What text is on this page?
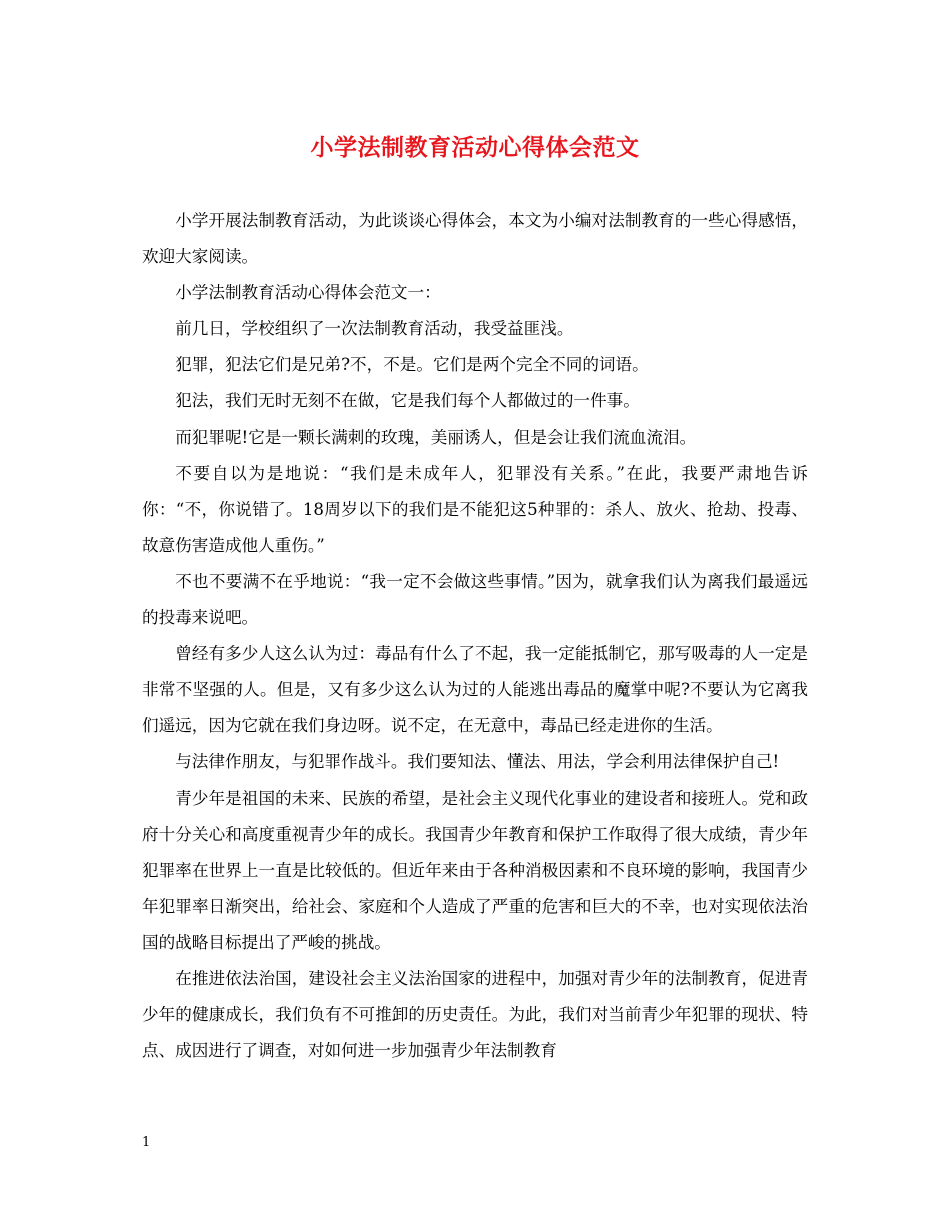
小学法制教育活动心得体会范文

小学开展法制教育活动，为此谈谈心得体会，本文为小编对法制教育的一些心得感悟，欢迎大家阅读。

小学法制教育活动心得体会范文一：

前几日，学校组织了一次法制教育活动，我受益匪浅。

犯罪，犯法它们是兄弟?不，不是。它们是两个完全不同的词语。

犯法，我们无时无刻不在做，它是我们每个人都做过的一件事。

而犯罪呢!它是一颗长满刺的玫瑰，美丽诱人，但是会让我们流血流泪。

不要自以为是地说：“我们是未成年人，犯罪没有关系。”在此，我要严肃地告诉你：“不，你说错了。18周岁以下的我们是不能犯这5种罪的：杀人、放火、抢劫、投毒、故意伤害造成他人重伤。”

不也不要满不在乎地说：“我一定不会做这些事情。”因为，就拿我们认为离我们最遥远的投毒来说吧。

曾经有多少人这么认为过：毒品有什么了不起，我一定能抵制它，那写吸毒的人一定是非常不坚强的人。但是，又有多少这么认为过的人能逃出毒品的魔掌中呢?不要认为它离我们遥远，因为它就在我们身边呀。说不定，在无意中，毒品已经走进你的生活。

与法律作朋友，与犯罪作战斗。我们要知法、懂法、用法，学会利用法律保护自己!

青少年是祖国的未来、民族的希望，是社会主义现代化事业的建设者和接班人。党和政府十分关心和高度重视青少年的成长。我国青少年教育和保护工作取得了很大成绩，青少年犯罪率在世界上一直是比较低的。但近年来由于各种消极因素和不良环境的影响，我国青少年犯罪率日渐突出，给社会、家庭和个人造成了严重的危害和巨大的不幸，也对实现依法治国的战略目标提出了严峻的挑战。

在推进依法治国，建设社会主义法治国家的进程中，加强对青少年的法制教育，促进青少年的健康成长，我们负有不可推卸的历史责任。为此，我们对当前青少年犯罪的现状、特点、成因进行了调查，对如何进一步加强青少年法制教育

1
